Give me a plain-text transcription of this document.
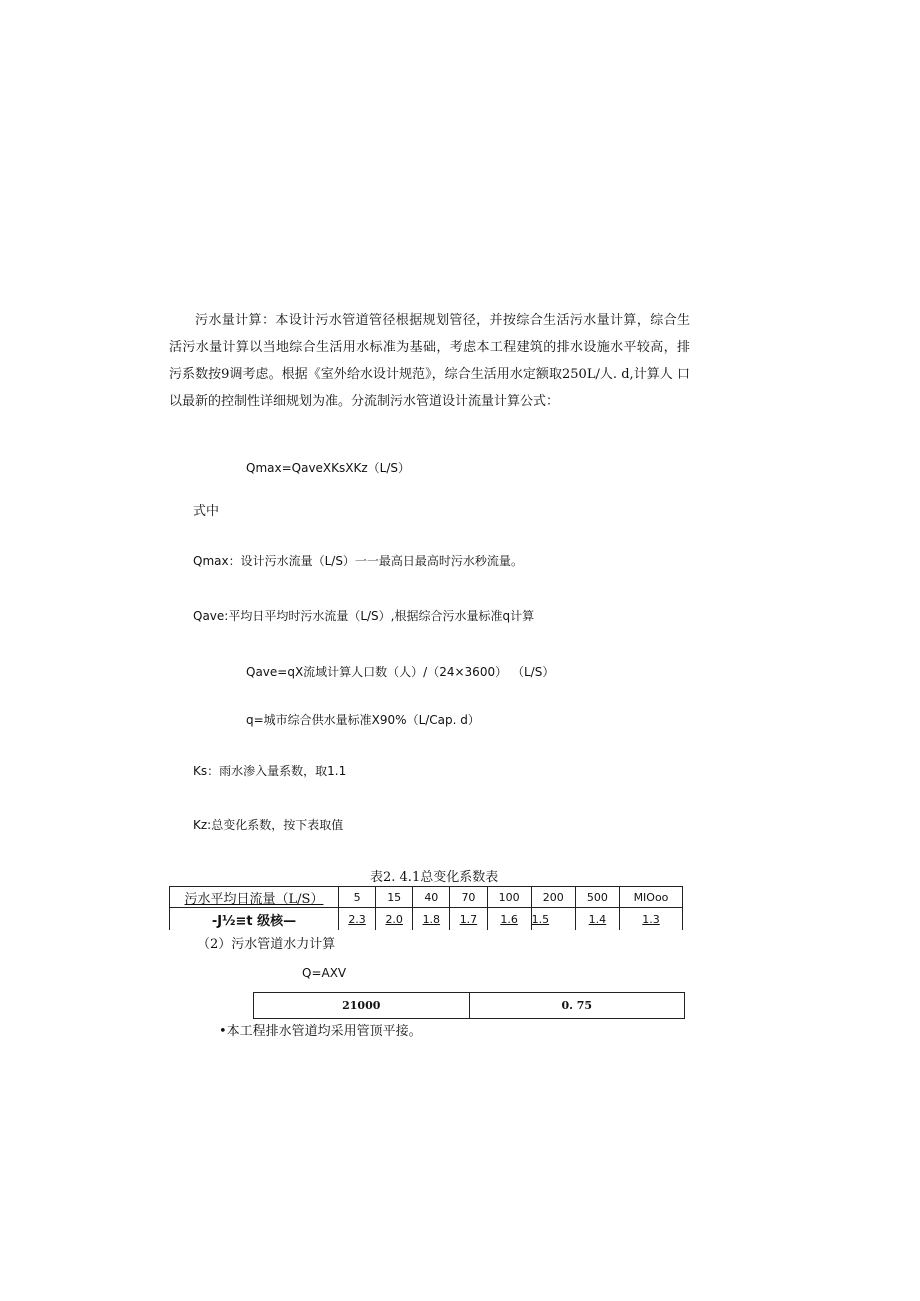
污水量计算：本设计污水管道管径根据规划管径，并按综合生活污水量计算，综合生

活污水量计算以当地综合生活用水标准为基础，考虑本工程建筑的排水设施水平较高，排

污系数按9调考虑。根据《室外给水设计规范》，综合生活用水定额取250L/人. d,计算人 口

以最新的控制性详细规划为准。分流制污水管道设计流量计算公式：

Qmax=QaveXKsXKz（L/S）
式中
Qmax：设计污水流量（L/S）一一最高日最高时污水秒流量。
Qave:平均日平均时污水流量（L/S）,根据综合污水量标准q计算
Qave=qX流域计算人口数（人）/（24×3600） （L/S）
q=城市综合供水量标准X90%（L/Cap. d）
Ks：雨水渗入量系数，取1.1
Kz:总变化系数，按下表取值
表2. 4.1总变化系数表
污水平均日流量（L/S）	5	15	40	70	100	200	500	MIOoo
-J½≡t 级核—	2.3	2.0	1.8	1.7	1.6	1.5	1.4	1.3
（2）污水管道水力计算
Q=AXV
21000	0. 75
•本工程排水管道均采用管顶平接。
